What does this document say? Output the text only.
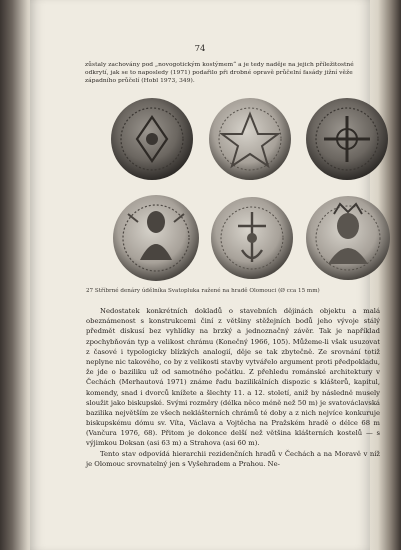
74
zůstaly zachovány pod „novogotickým kostýmem“ a je tedy naděje na jejich příležitostné odkrytí, jak se to naposledy (1971) podařilo při drobné opravě průčelní fasády jižní věže západního průčelí (Hobl 1973, 349).
27 Stříbrné denáry údělníka Svatopluka ražené na hradě Olomouci (Ø cca 15 mm)

Nedostatek konkrétních dokladů o stavebních dějinách objektu a malá obeznámenost s konstrukcemi činí z většiny stěžejních bodů jeho vývoje stálý předmět diskusí bez vyhlídky na brzký a jednoznačný závěr. Tak je například zpochybňován typ a velikost chrámu (Konečný 1966, 105). Můžeme-li však usuzovat z časové i typologicky blízkých analogií, děje se tak zbytečně. Ze srovnání totiž neplyne nic takového, co by z velikosti stavby vytvářelo argument proti předpokladu, že jde o baziliku už od samotného počátku. Z přehledu románské architektury v Čechách (Merhautová 1971) známe řadu bazilikálních dispozic s klášterů, kapitul, komendy, snad i dvorců knížete a šlechty 11. a 12. století, aniž by následně musely sloužit jako biskupské. Svými rozměry (délka něco méně než 50 m) je svatováclavská bazilika největším ze všech neklášterních chrámů té doby a z nich nejvíce konkuruje biskupskému dómu sv. Víta, Václava a Vojtěcha na Pražském hradě o délce 68 m (Vančura 1976, 68). Přitom je dokonce delší než většina klášterních kostelů — s výjimkou Doksan (asi 63 m) a Strahova (asi 60 m).

Tento stav odpovídá hierarchii rezidenčních hradů v Čechách a na Moravě v níž je Olomouc srovnatelný jen s Vyšehradem a Prahou. Ne-
